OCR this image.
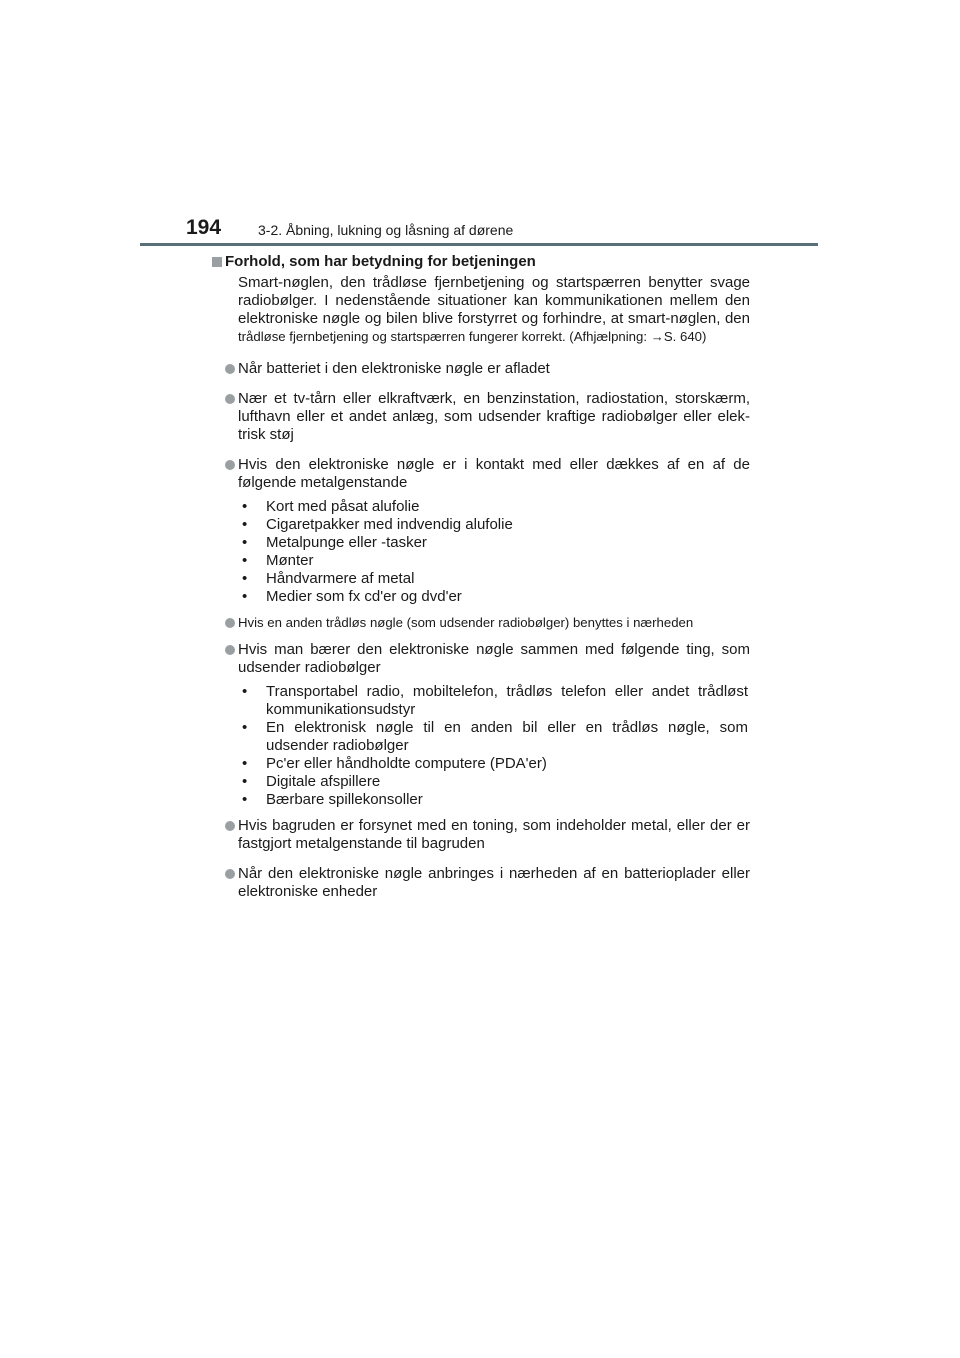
194	3-2. Åbning, lukning og låsning af dørene
Forhold, som har betydning for betjeningen
Smart-nøglen, den trådløse fjernbetjening og startspærren benytter svage
radiobølger. I nedenstående situationer kan kommunikationen mellem den
elektroniske nøgle og bilen blive forstyrret og forhindre, at smart-nøglen, den
trådløse fjernbetjening og startspærren fungerer korrekt. (Afhjælpning: →S. 640)
Når batteriet i den elektroniske nøgle er afladet
Nær et tv-tårn eller elkraftværk, en benzinstation, radiostation, storskærm, lufthavn eller et andet anlæg, som udsender kraftige radiobølger eller elek-trisk støj
Hvis den elektroniske nøgle er i kontakt med eller dækkes af en af de følgende metalgenstande
• Kort med påsat alufolie
• Cigaretpakker med indvendig alufolie
• Metalpunge eller -tasker
• Mønter
• Håndvarmere af metal
• Medier som fx cd'er og dvd'er
Hvis en anden trådløs nøgle (som udsender radiobølger) benyttes i nærheden
Hvis man bærer den elektroniske nøgle sammen med følgende ting, som udsender radiobølger
• Transportabel radio, mobiltelefon, trådløs telefon eller andet trådløst kommunikationsudstyr
• En elektronisk nøgle til en anden bil eller en trådløs nøgle, som udsender radiobølger
• Pc'er eller håndholdte computere (PDA'er)
• Digitale afspillere
• Bærbare spillekonsoller
Hvis bagruden er forsynet med en toning, som indeholder metal, eller der er fastgjort metalgenstande til bagruden
Når den elektroniske nøgle anbringes i nærheden af en batterioplader eller elektroniske enheder
